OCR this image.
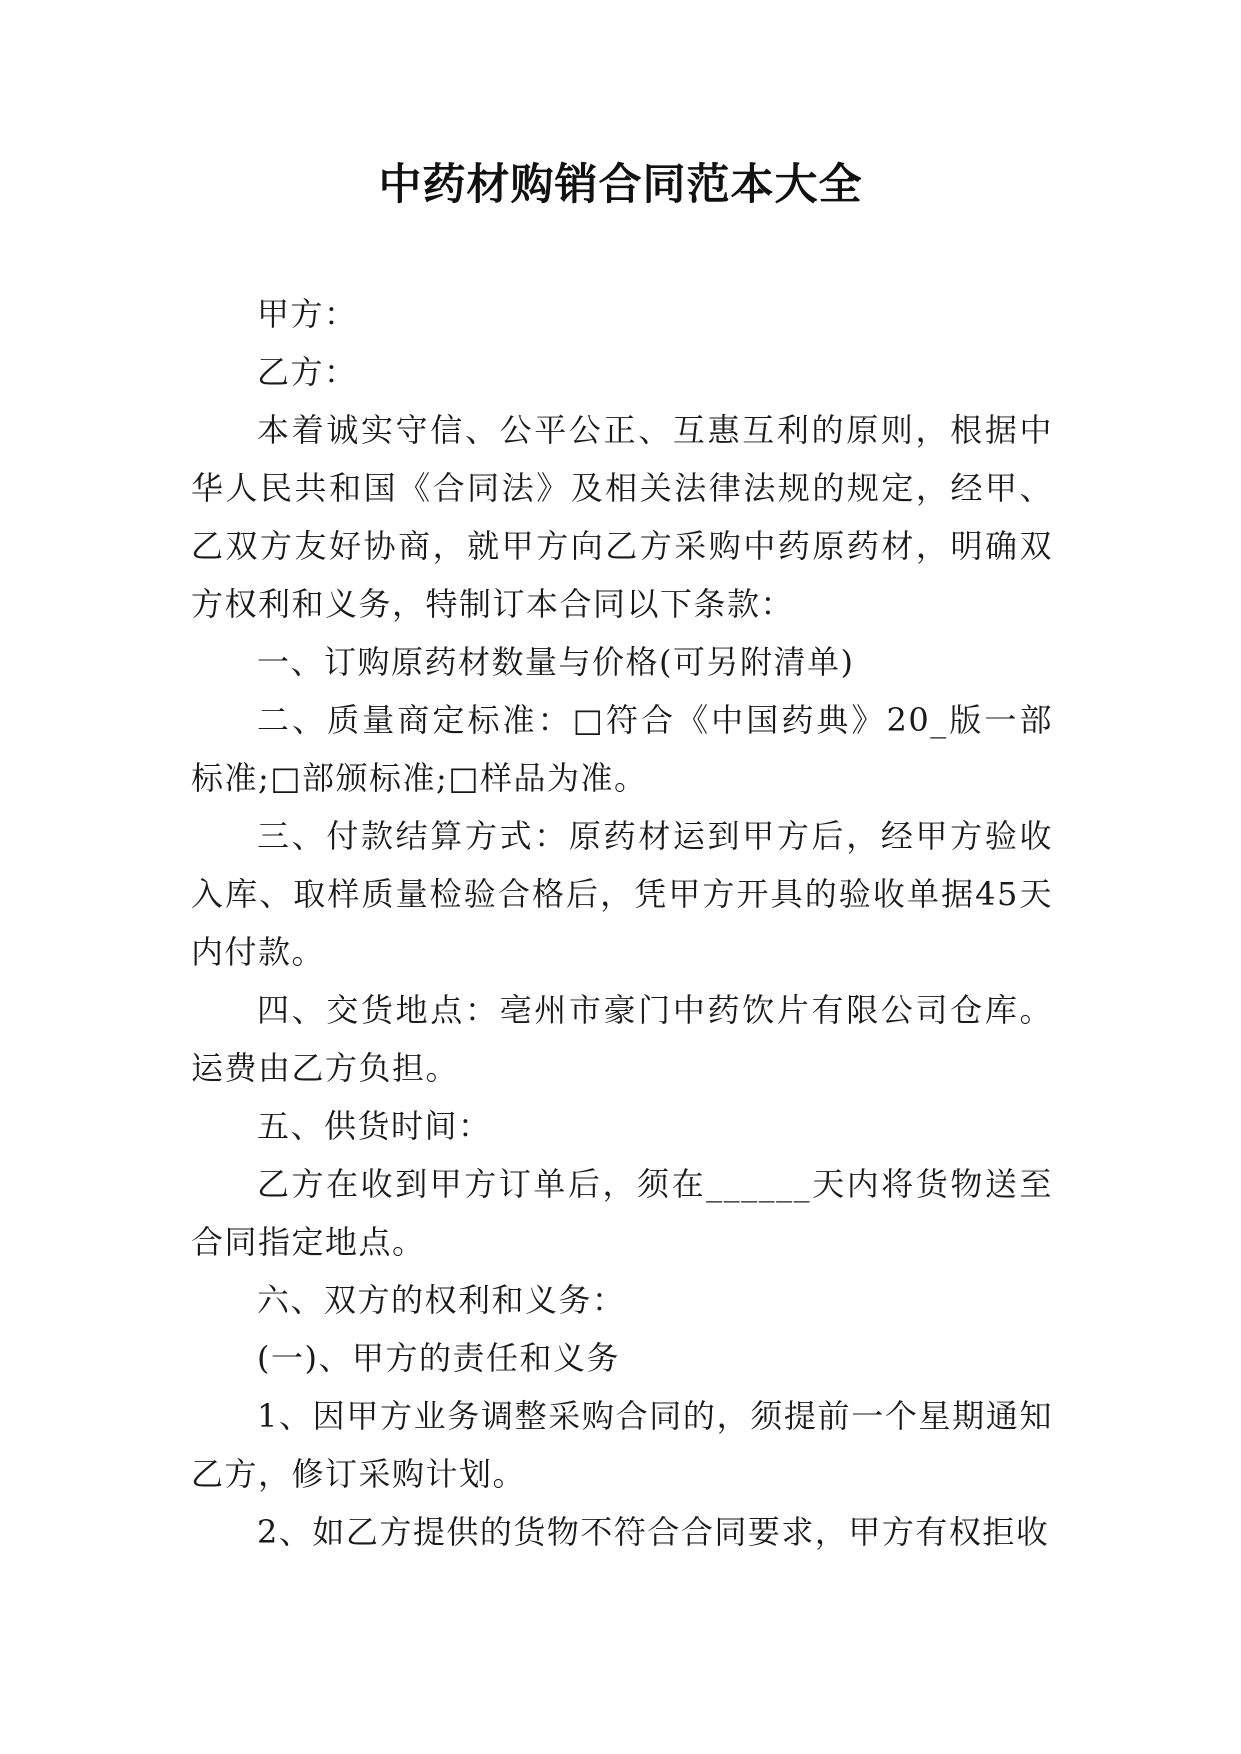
中药材购销合同范本大全

甲方：

乙方：

本着诚实守信、公平公正、互惠互利的原则，根据中华人民共和国《合同法》及相关法律法规的规定，经甲、乙双方友好协商，就甲方向乙方采购中药原药材，明确双方权利和义务，特制订本合同以下条款：

一、订购原药材数量与价格(可另附清单)

二、质量商定标准：□符合《中国药典》20_版一部标准;□部颁标准;□样品为准。

三、付款结算方式：原药材运到甲方后，经甲方验收入库、取样质量检验合格后，凭甲方开具的验收单据45天内付款。

四、交货地点：亳州市豪门中药饮片有限公司仓库。运费由乙方负担。

五、供货时间：

乙方在收到甲方订单后，须在______天内将货物送至合同指定地点。

六、双方的权利和义务：

(一)、甲方的责任和义务

1、因甲方业务调整采购合同的，须提前一个星期通知乙方，修订采购计划。

2、如乙方提供的货物不符合合同要求，甲方有权拒收
